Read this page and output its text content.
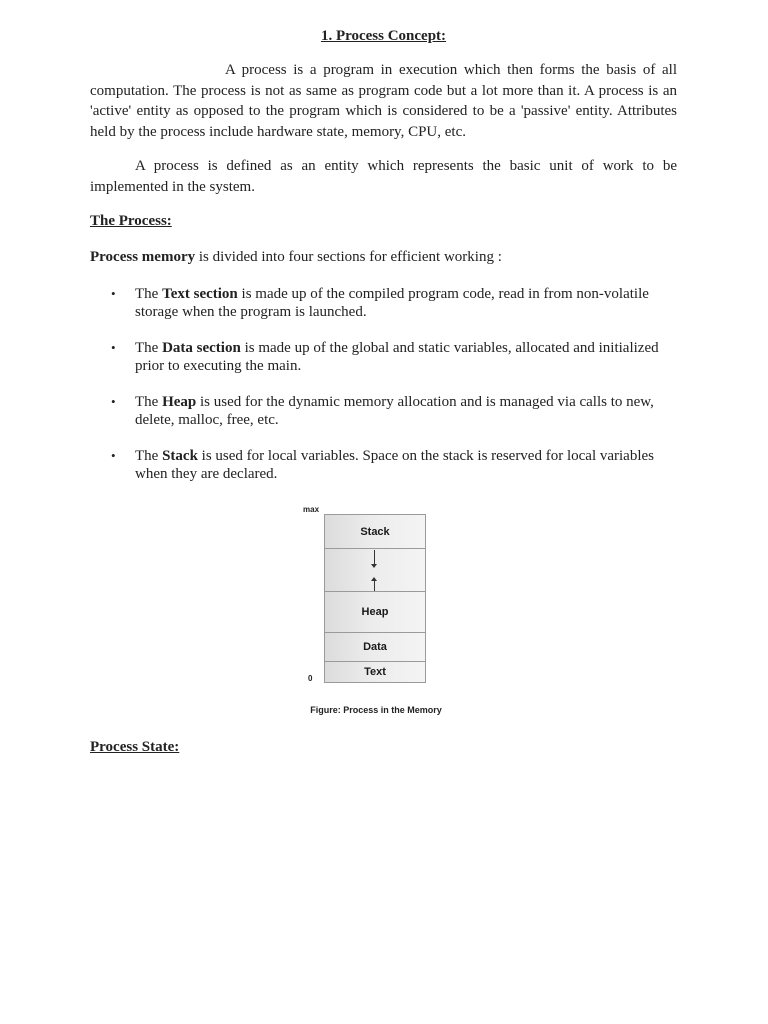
1. Process Concept:

A process is a program in execution which then forms the basis of all computation. The process is not as same as program code but a lot more than it. A process is an 'active' entity as opposed to the program which is considered to be a 'passive' entity. Attributes held by the process include hardware state, memory, CPU, etc.

A process is defined as an entity which represents the basic unit of work to be implemented in the system.

The Process:

Process memory is divided into four sections for efficient working :

• The Text section is made up of the compiled program code, read in from non-volatile storage when the program is launched.
• The Data section is made up of the global and static variables, allocated and initialized prior to executing the main.
• The Heap is used for the dynamic memory allocation and is managed via calls to new, delete, malloc, free, etc.
• The Stack is used for local variables. Space on the stack is reserved for local variables when they are declared.
max
0
Stack
Heap
Data
Text
Figure: Process in the Memory
Process State:
